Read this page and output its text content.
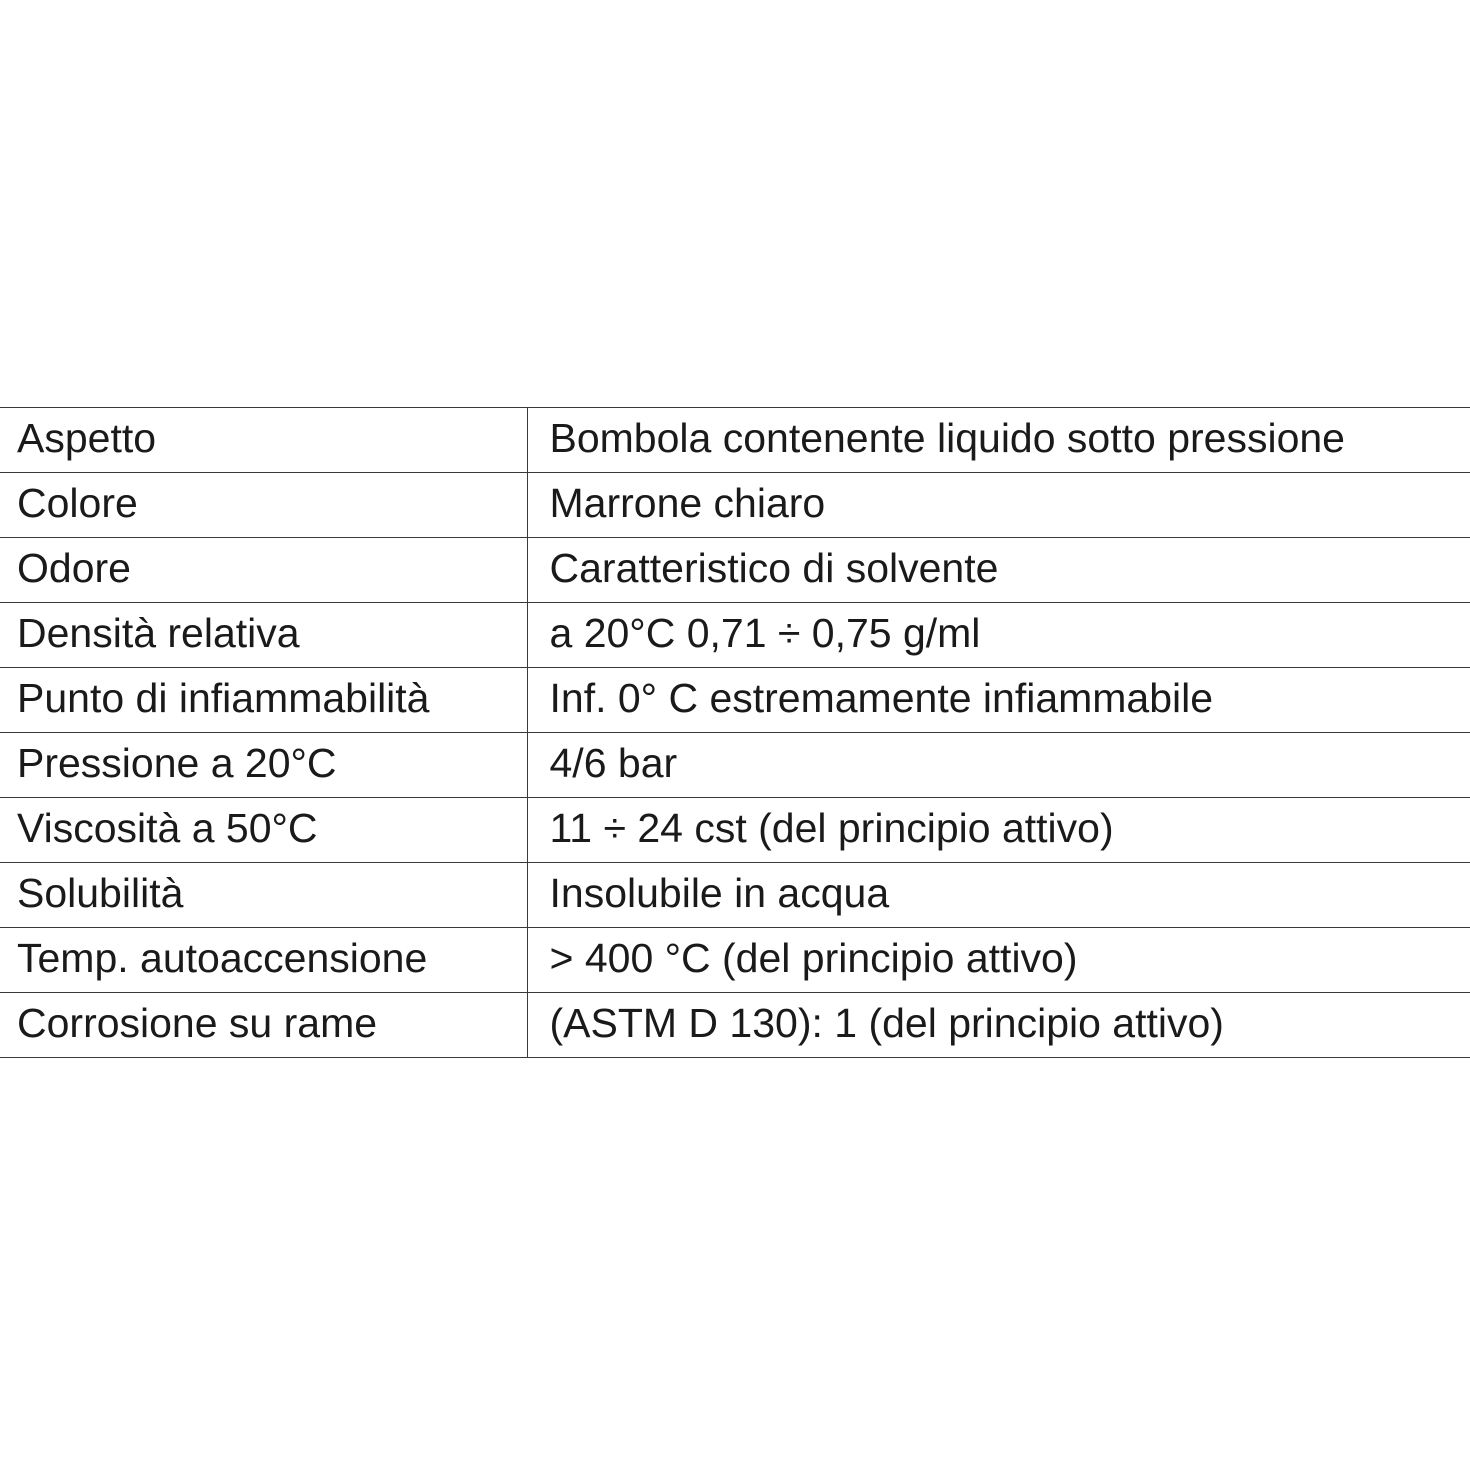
Aspetto	Bombola contenente liquido sotto pressione
Colore	Marrone chiaro
Odore	Caratteristico di solvente
Densità relativa	a 20°C 0,71 ÷ 0,75 g/ml
Punto di infiammabilità	Inf. 0° C estremamente infiammabile
Pressione a 20°C	4/6 bar
Viscosità a 50°C	11 ÷ 24 cst (del principio attivo)
Solubilità	Insolubile in acqua
Temp. autoaccensione	> 400 °C (del principio attivo)
Corrosione su rame	(ASTM D 130): 1 (del principio attivo)
